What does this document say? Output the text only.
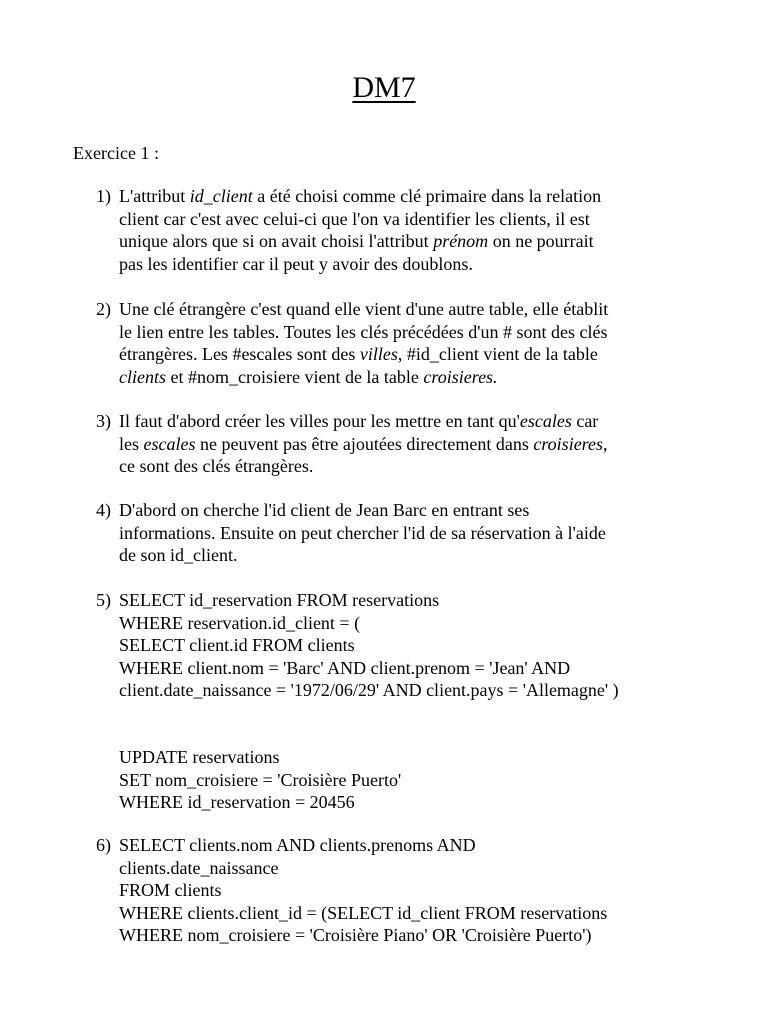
DM7
Exercice 1 :
1) L'attribut id_client a été choisi comme clé primaire dans la relation
client car c'est avec celui-ci que l'on va identifier les clients, il est
unique alors que si on avait choisi l'attribut prénom on ne pourrait
pas les identifier car il peut y avoir des doublons.
2) Une clé étrangère c'est quand elle vient d'une autre table, elle établit
le lien entre les tables. Toutes les clés précédées d'un # sont des clés
étrangères. Les #escales sont des villes, #id_client vient de la table
clients et #nom_croisiere vient de la table croisieres.
3) Il faut d'abord créer les villes pour les mettre en tant qu'escales car
les escales ne peuvent pas être ajoutées directement dans croisieres,
ce sont des clés étrangères.
4) D'abord on cherche l'id client de Jean Barc en entrant ses
informations. Ensuite on peut chercher l'id de sa réservation à l'aide
de son id_client.
5) SELECT id_reservation FROM reservations
WHERE reservation.id_client = (
SELECT client.id FROM clients
WHERE client.nom = 'Barc' AND client.prenom = 'Jean' AND
client.date_naissance = '1972/06/29' AND client.pays = 'Allemagne' )
UPDATE reservations
SET nom_croisiere = 'Croisière Puerto'
WHERE id_reservation = 20456
6) SELECT clients.nom AND clients.prenoms AND
clients.date_naissance
FROM clients
WHERE clients.client_id = (SELECT id_client FROM reservations
WHERE nom_croisiere = 'Croisière Piano' OR 'Croisière Puerto')
